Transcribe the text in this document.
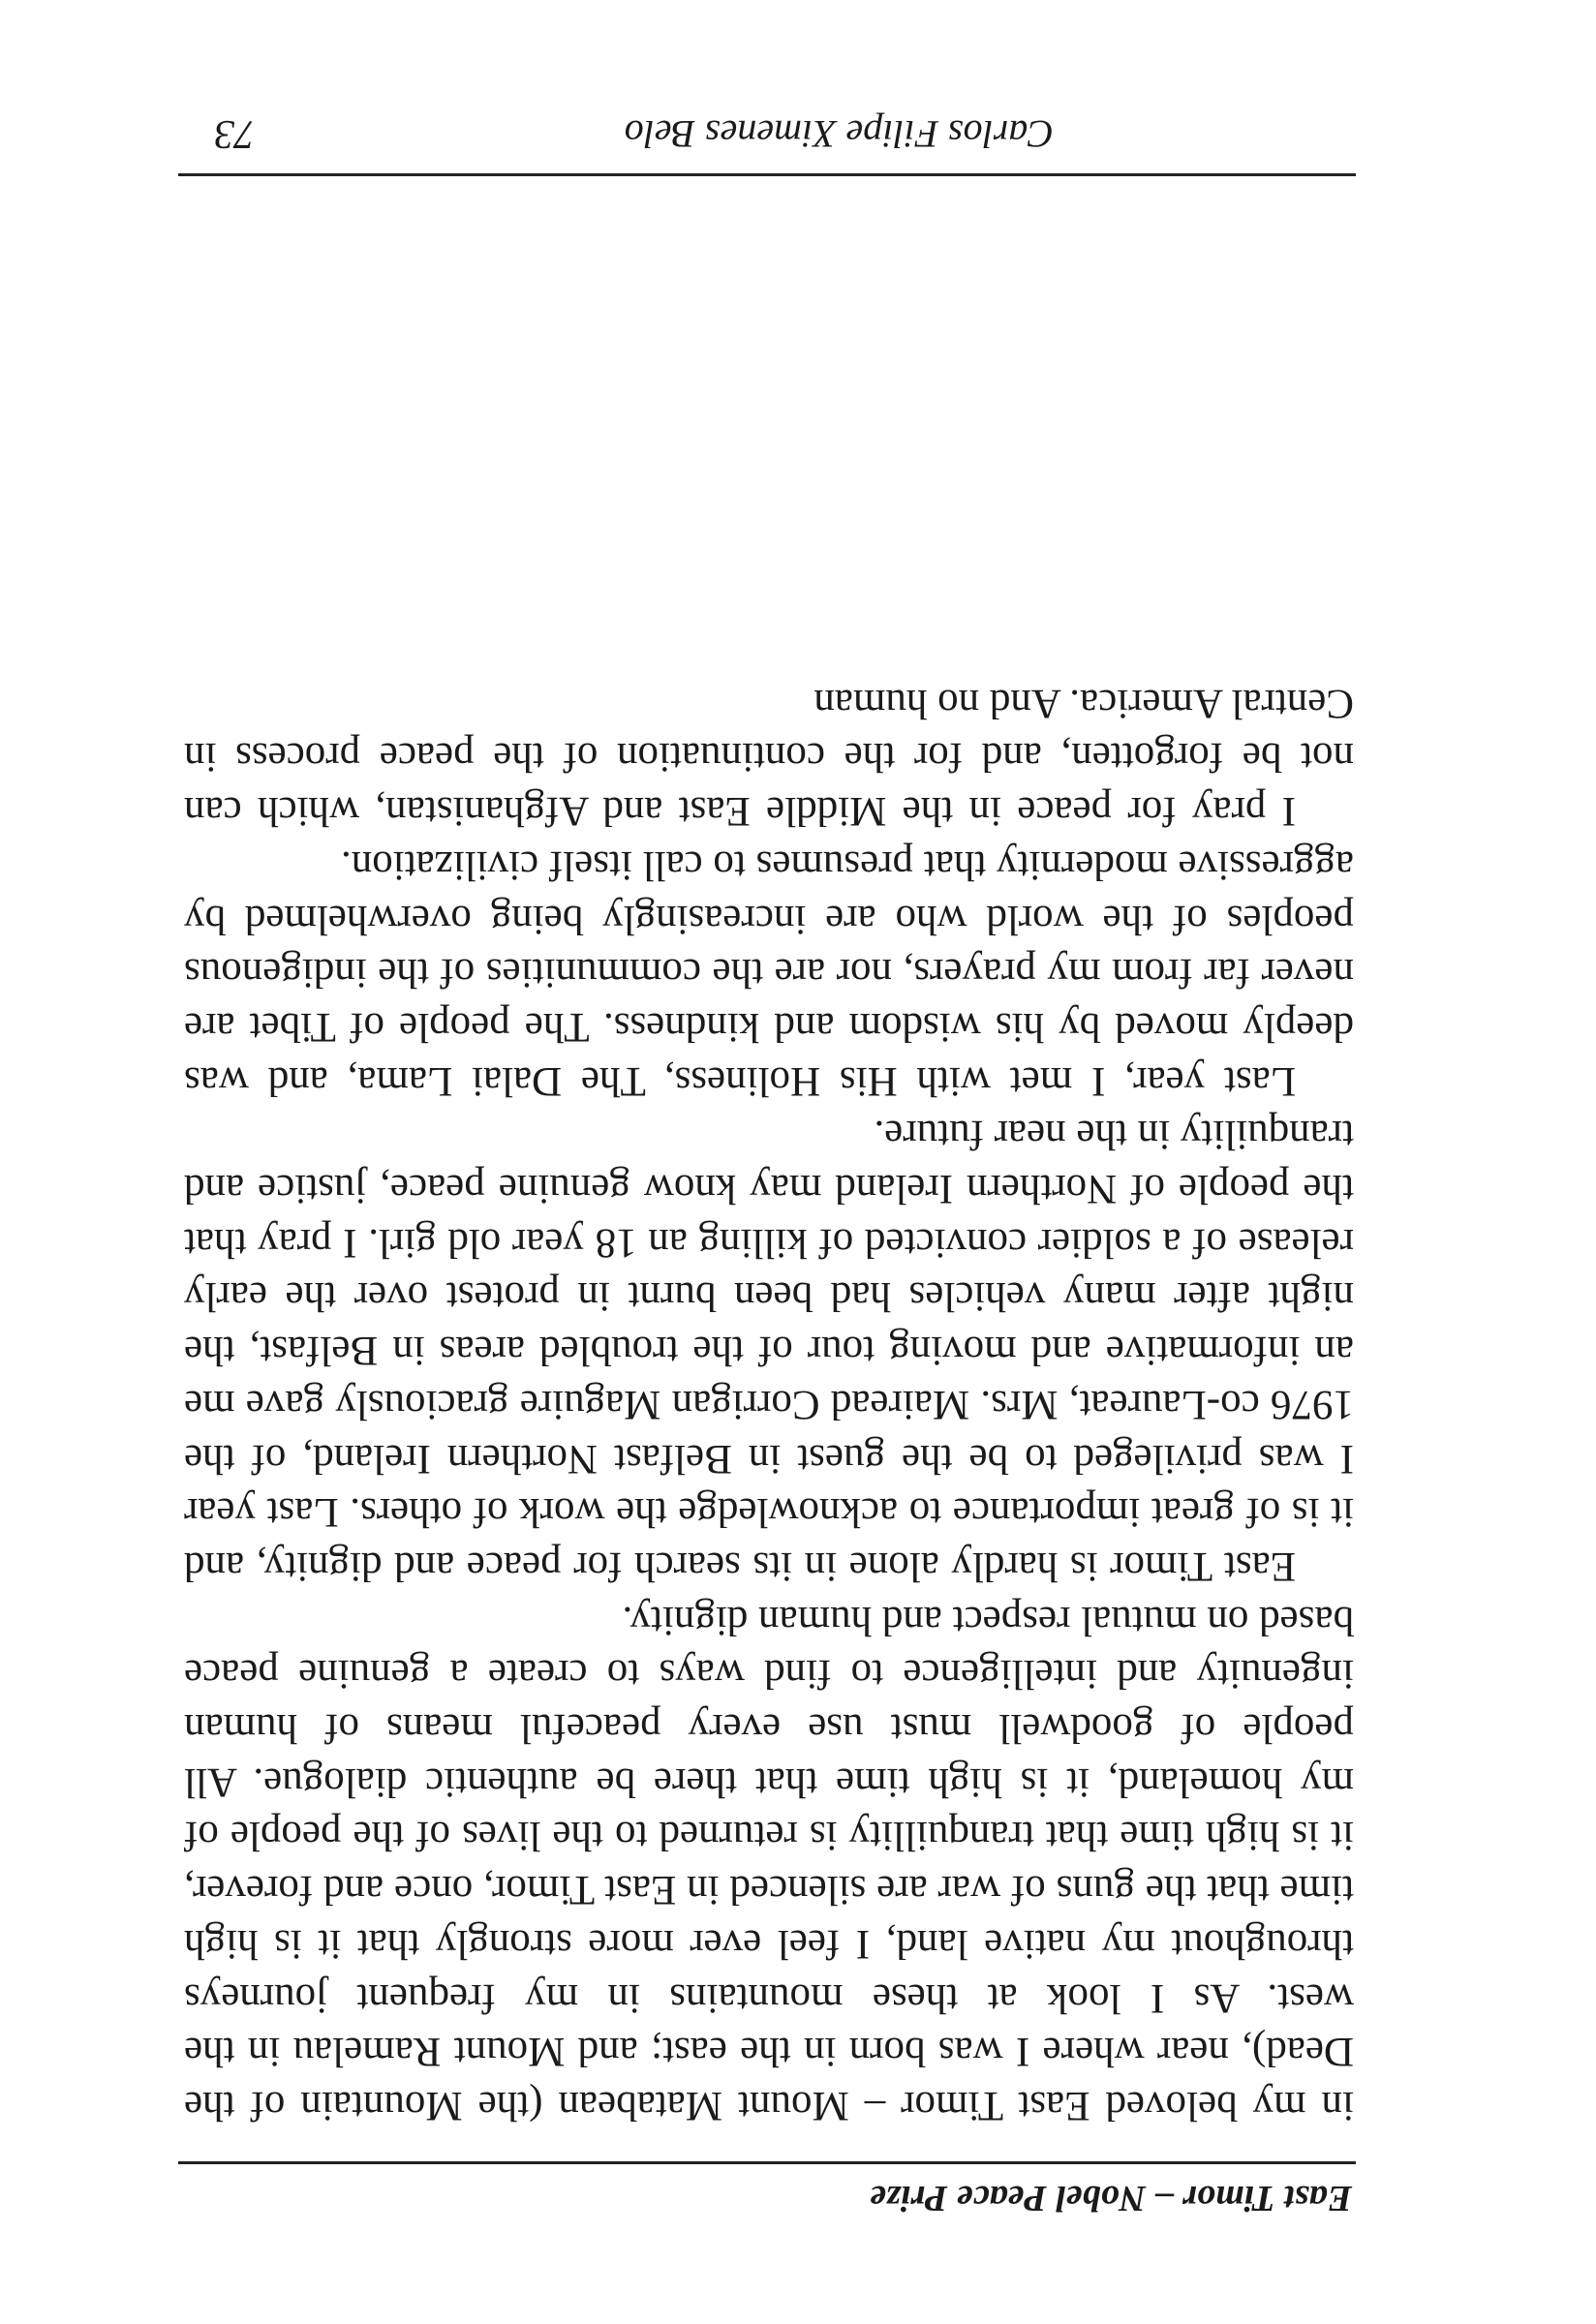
East Timor – Nobel Peace Prize

in my beloved East Timor – Mount Matabean (the Mountain of the Dead), near where I was born in the east; and Mount Ramelau in the west. As I look at these mountains in my frequent journeys throughout my native land, I feel ever more strongly that it is high time that the guns of war are silenced in East Timor, once and forever, it is high time that tranquillity is returned to the lives of the people of my homeland, it is high time that there be authentic dialogue. All people of goodwell must use every peaceful means of human ingenuity and intelligence to find ways to create a genuine peace based on mutual respect and human dignity.

East Timor is hardly alone in its search for peace and dignity, and it is of great importance to acknowledge the work of others. Last year I was privileged to be the guest in Belfast Northern Ireland, of the 1976 co-Laureat, Mrs. Mairead Corrigan Maguire graciously gave me an informative and moving tour of the troubled areas in Belfast, the night after many vehicles had been burnt in protest over the early release of a soldier convicted of killing an 18 year old girl. I pray that the people of Northern Ireland may know genuine peace, justice and tranquility in the near future.

Last year, I met with His Holiness, The Dalai Lama, and was deeply moved by his wisdom and kindness. The people of Tibet are never far from my prayers, nor are the communities of the indigenous peoples of the world who are increasingly being overwhelmed by aggressive modernity that presumes to call itself civilization.

I pray for peace in the Middle East and Afghanistan, which can not be forgotten, and for the continuation of the peace process in Central America. And no human

Carlos Filipe Ximenes Belo
73
